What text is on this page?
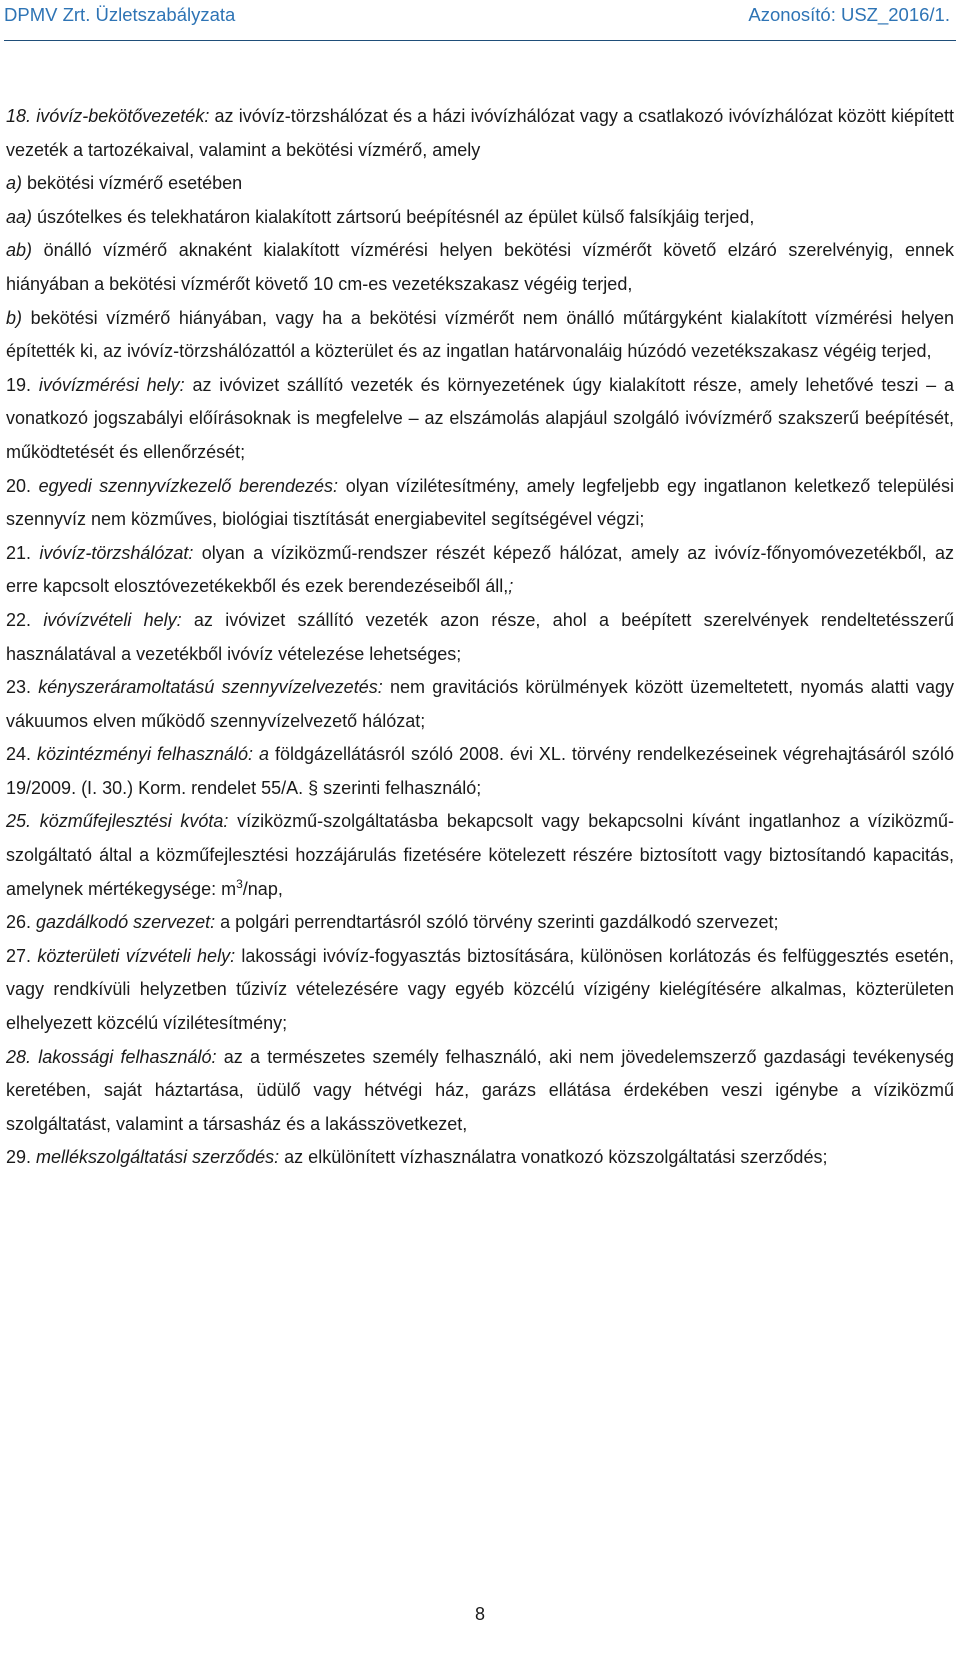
DPMV Zrt. Üzletszabályzata	Azonosító: USZ_2016/1.

18. ivóvíz-bekötővezeték: az ivóvíz-törzshálózat és a házi ivóvízhálózat vagy a csatlakozó ivóvízhálózat között kiépített vezeték a tartozékaival, valamint a bekötési vízmérő, amely

a) bekötési vízmérő esetében

aa) úszótelkes és telekhatáron kialakított zártsorú beépítésnél az épület külső falsíkjáig terjed,

ab) önálló vízmérő aknaként kialakított vízmérési helyen bekötési vízmérőt követő elzáró szerelvényig, ennek hiányában a bekötési vízmérőt követő 10 cm-es vezetékszakasz végéig terjed,

b) bekötési vízmérő hiányában, vagy ha a bekötési vízmérőt nem önálló műtárgyként kialakított vízmérési helyen építették ki, az ivóvíz-törzshálózattól a közterület és az ingatlan határvonaláig húzódó vezetékszakasz végéig terjed,

19. ivóvízmérési hely: az ivóvizet szállító vezeték és környezetének úgy kialakított része, amely lehetővé teszi – a vonatkozó jogszabályi előírásoknak is megfelelve – az elszámolás alapjául szolgáló ivóvízmérő szakszerű beépítését, működtetését és ellenőrzését;

20. egyedi szennyvízkezelő berendezés: olyan vízilétesítmény, amely legfeljebb egy ingatlanon keletkező települési szennyvíz nem közműves, biológiai tisztítását energiabevitel segítségével végzi;

21. ivóvíz-törzshálózat: olyan a víziközmű-rendszer részét képező hálózat, amely az ivóvíz-főnyomóvezetékből, az erre kapcsolt elosztóvezetékekből és ezek berendezéseiből áll,;

22. ivóvízvételi hely: az ivóvizet szállító vezeték azon része, ahol a beépített szerelvények rendeltetésszerű használatával a vezetékből ivóvíz vételezése lehetséges;

23. kényszeráramoltatású szennyvízelvezetés: nem gravitációs körülmények között üzemeltetett, nyomás alatti vagy vákuumos elven működő szennyvízelvezető hálózat;

24. közintézményi felhasználó: a földgázellátásról szóló 2008. évi XL. törvény rendelkezéseinek végrehajtásáról szóló 19/2009. (I. 30.) Korm. rendelet 55/A. § szerinti felhasználó;

25. közműfejlesztési kvóta: víziközmű-szolgáltatásba bekapcsolt vagy bekapcsolni kívánt ingatlanhoz a víziközmű-szolgáltató által a közműfejlesztési hozzájárulás fizetésére kötelezett részére biztosított vagy biztosítandó kapacitás, amelynek mértékegysége: $m^3$/nap,

26. gazdálkodó szervezet: a polgári perrendtartásról szóló törvény szerinti gazdálkodó szervezet;

27. közterületi vízvételi hely: lakossági ivóvíz-fogyasztás biztosítására, különösen korlátozás és felfüggesztés esetén, vagy rendkívüli helyzetben tűzivíz vételezésére vagy egyéb közcélú vízigény kielégítésére alkalmas, közterületen elhelyezett közcélú vízilétesítmény;

28. lakossági felhasználó: az a természetes személy felhasználó, aki nem jövedelemszerző gazdasági tevékenység keretében, saját háztartása, üdülő vagy hétvégi ház, garázs ellátása érdekében veszi igénybe a víziközmű szolgáltatást, valamint a társasház és a lakásszövetkezet,

29. mellékszolgáltatási szerződés: az elkülönített vízhasználatra vonatkozó közszolgáltatási szerződés;

8
